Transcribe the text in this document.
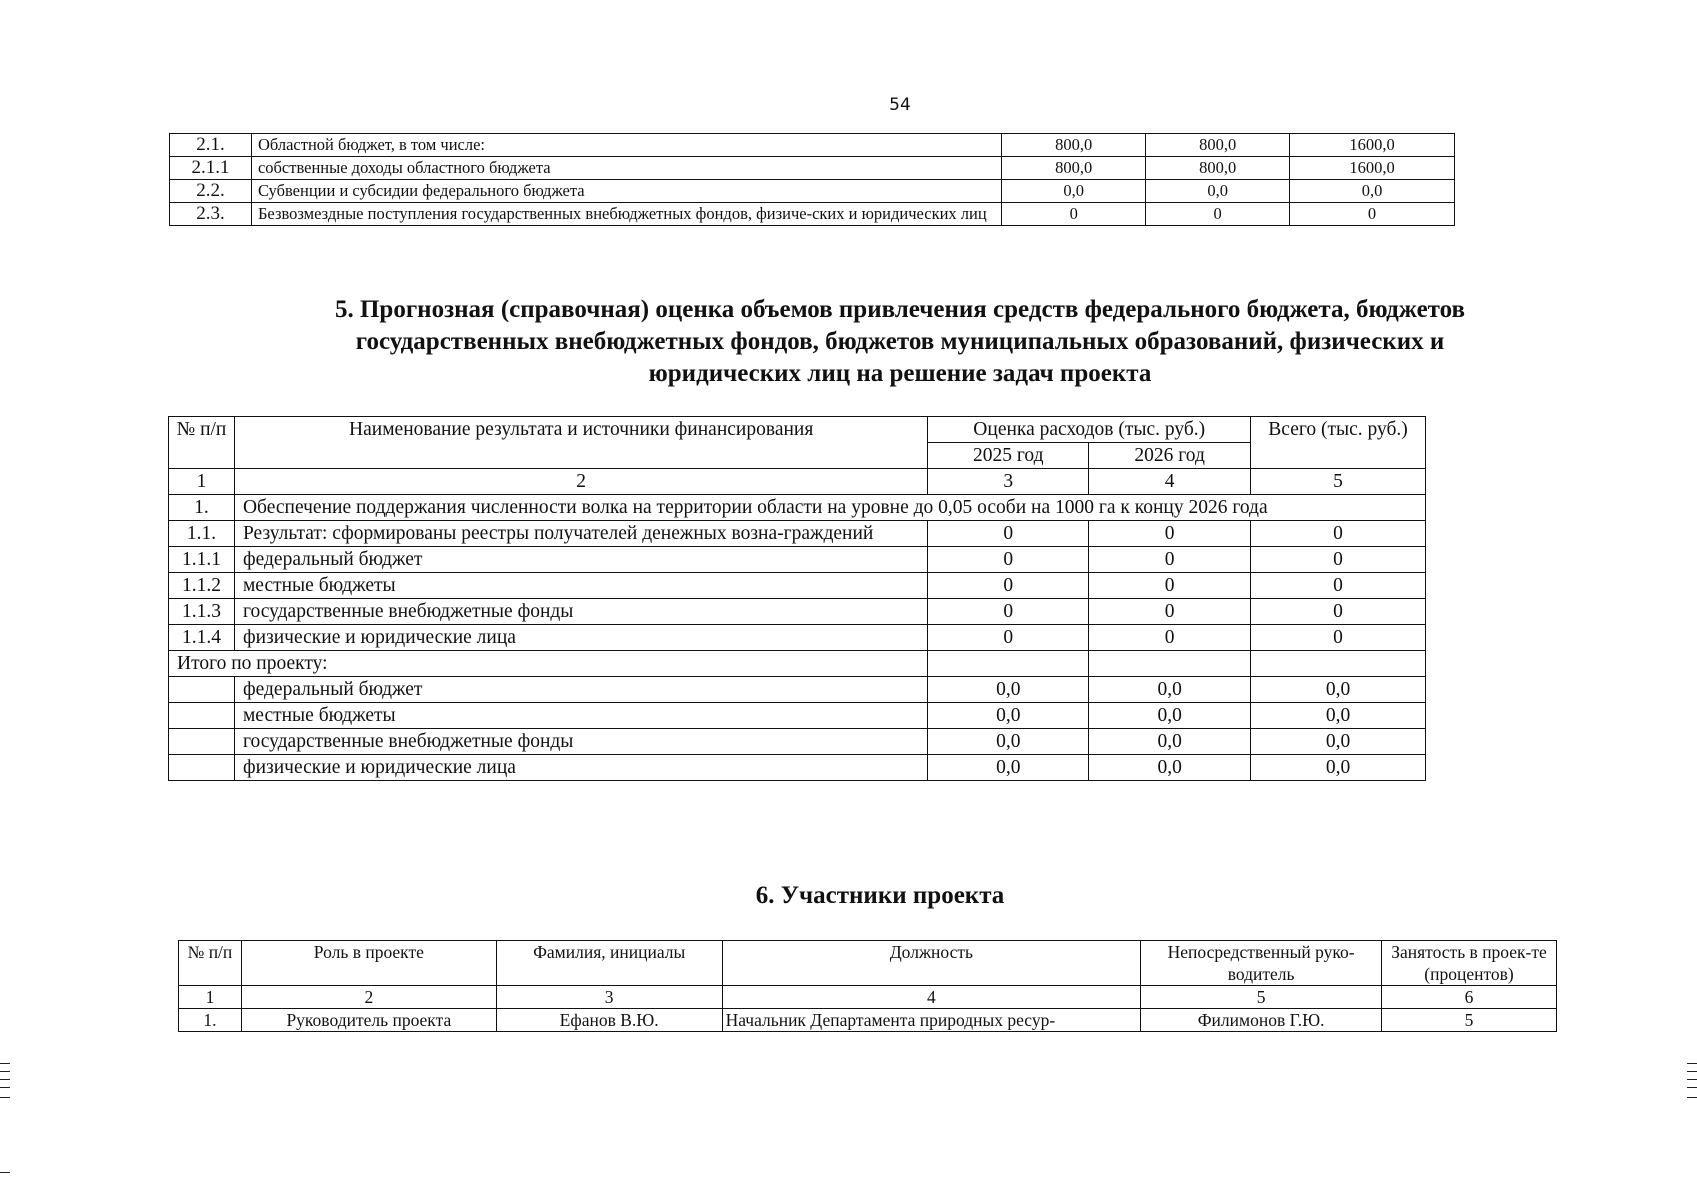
54
2.1.	Областной бюджет, в том числе:	800,0	800,0	1600,0
2.1.1	собственные доходы областного бюджета	800,0	800,0	1600,0
2.2.	Субвенции и субсидии федерального бюджета	0,0	0,0	0,0
2.3.	Безвозмездные поступления государственных внебюджетных фондов, физиче-ских и юридических лиц	0	0	0
5. Прогнозная (справочная) оценка объемов привлечения средств федерального бюджета, бюджетов государственных внебюджетных фондов, бюджетов муниципальных образований, физических и юридических лиц на решение задач проекта
№ п/п	Наименование результата и источники финансирования	Оценка расходов (тыс. руб.)		Всего (тыс. руб.)
		2025 год	2026 год	
1	2	3	4	5
1.	Обеспечение поддержания численности волка на территории области на уровне до 0,05 особи на 1000 га к концу 2026 года			
1.1.	Результат: сформированы реестры получателей денежных возна-граждений	0	0	0
1.1.1	федеральный бюджет	0	0	0
1.1.2	местные бюджеты	0	0	0
1.1.3	государственные внебюджетные фонды	0	0	0
1.1.4	физические и юридические лица	0	0	0
Итого по проекту:				
	федеральный бюджет	0,0	0,0	0,0
	местные бюджеты	0,0	0,0	0,0
	государственные внебюджетные фонды	0,0	0,0	0,0
	физические и юридические лица	0,0	0,0	0,0
6. Участники проекта
№ п/п	Роль в проекте	Фамилия, инициалы	Должность	Непосредственный руко-водитель	Занятость в проек-те (процентов)
1	2	3	4	5	6
1.	Руководитель проекта	Ефанов В.Ю.	Начальник Департамента природных ресур-	Филимонов Г.Ю.	5
